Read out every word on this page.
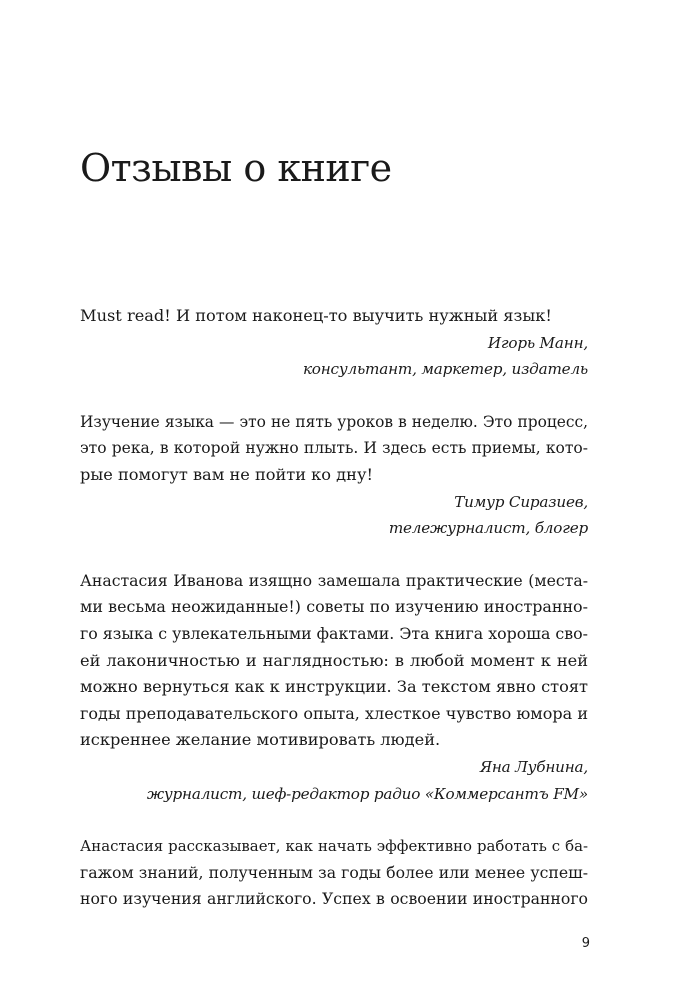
Отзывы о книге
Must read! И потом наконец-то выучить нужный язык!
Игорь Манн,
консультант, маркетер, издатель
Изучение языка — это не пять уроков в неделю. Это процесс,
это река, в которой нужно плыть. И здесь есть приемы, кото-
рые помогут вам не пойти ко дну!
Тимур Сиразиев,
тележурналист, блогер
Анастасия Иванова изящно замешала практические (места-
ми весьма неожиданные!) советы по изучению иностранно-
го языка с увлекательными фактами. Эта книга хороша сво-
ей лаконичностью и наглядностью: в любой момент к ней
можно вернуться как к инструкции. За текстом явно стоят
годы преподавательского опыта, хлесткое чувство юмора и
искреннее желание мотивировать людей.
Яна Лубнина,
журналист, шеф-редактор радио «Коммерсантъ FM»
Анастасия рассказывает, как начать эффективно работать с ба-
гажом знаний, полученным за годы более или менее успеш-
ного изучения английского. Успех в освоении иностранного
9
